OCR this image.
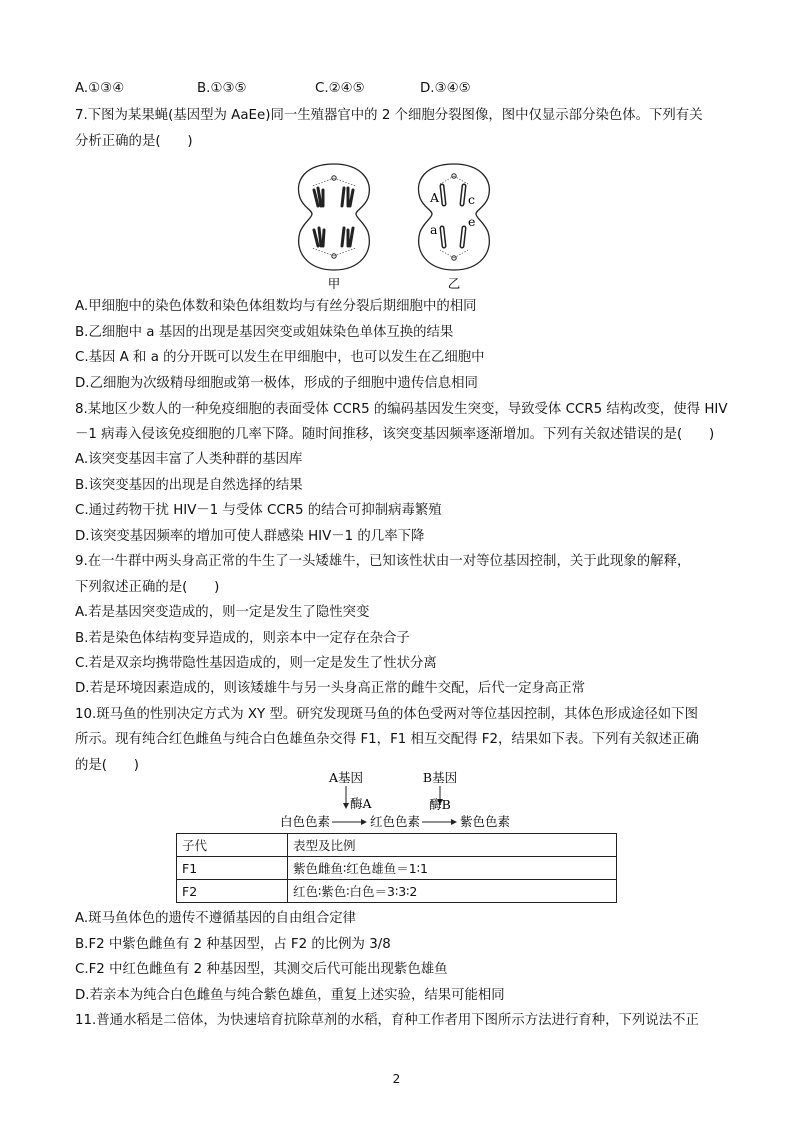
A.①③④	B.①③⑤	C.②④⑤	D.③④⑤
7.下图为某果蝇(基因型为 AaEe)同一生殖器官中的 2 个细胞分裂图像，图中仅显示部分染色体。下列有关
分析正确的是(　　)
甲
A c
a
e
乙
A.甲细胞中的染色体数和染色体组数均与有丝分裂后期细胞中的相同
B.乙细胞中 a 基因的出现是基因突变或姐妹染色单体互换的结果
C.基因 A 和 a 的分开既可以发生在甲细胞中，也可以发生在乙细胞中
D.乙细胞为次级精母细胞或第一极体，形成的子细胞中遗传信息相同
8.某地区少数人的一种免疫细胞的表面受体 CCR5 的编码基因发生突变，导致受体 CCR5 结构改变，使得 HIV
－1 病毒入侵该免疫细胞的几率下降。随时间推移，该突变基因频率逐渐增加。下列有关叙述错误的是(　　)
A.该突变基因丰富了人类种群的基因库
B.该突变基因的出现是自然选择的结果
C.通过药物干扰 HIV－1 与受体 CCR5 的结合可抑制病毒繁殖
D.该突变基因频率的增加可使人群感染 HIV－1 的几率下降
9.在一牛群中两头身高正常的牛生了一头矮雄牛，已知该性状由一对等位基因控制，关于此现象的解释，
下列叙述正确的是(　　)
A.若是基因突变造成的，则一定是发生了隐性突变
B.若是染色体结构变异造成的，则亲本中一定存在杂合子
C.若是双亲均携带隐性基因造成的，则一定是发生了性状分离
D.若是环境因素造成的，则该矮雄牛与另一头身高正常的雌牛交配，后代一定身高正常
10.斑马鱼的性别决定方式为 XY 型。研究发现斑马鱼的体色受两对等位基因控制，其体色形成途径如下图
所示。现有纯合红色雌鱼与纯合白色雄鱼杂交得 F1，F1 相互交配得 F2，结果如下表。下列有关叙述正确
的是(　　)
A基因	B基因
酶A	酶B
白色色素	红色色素	紫色色素
子代	表型及比例
F1	紫色雌鱼∶红色雄鱼＝1∶1
F2	红色∶紫色∶白色＝3∶3∶2
A.斑马鱼体色的遗传不遵循基因的自由组合定律
B.F2 中紫色雌鱼有 2 种基因型，占 F2 的比例为 3/8
C.F2 中红色雌鱼有 2 种基因型，其测交后代可能出现紫色雄鱼
D.若亲本为纯合白色雌鱼与纯合紫色雄鱼，重复上述实验，结果可能相同
11.普通水稻是二倍体，为快速培育抗除草剂的水稻，育种工作者用下图所示方法进行育种，下列说法不正
2
